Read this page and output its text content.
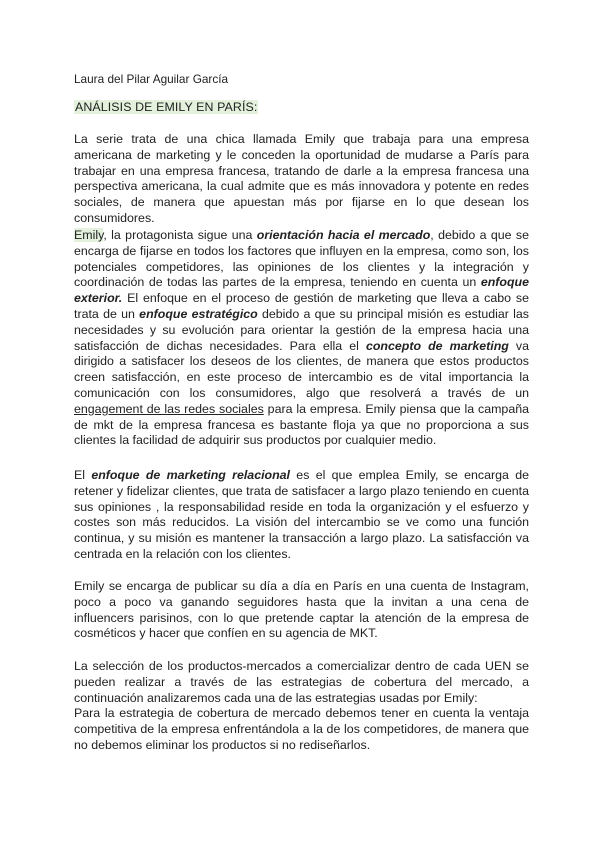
Laura del Pilar Aguilar García
ANÁLISIS DE EMILY EN PARÍS:

La serie trata de una chica llamada Emily que trabaja para una empresa americana de marketing y le conceden la oportunidad de mudarse a París para trabajar en una empresa francesa, tratando de darle a la empresa francesa una perspectiva americana, la cual admite que es más innovadora y potente en redes sociales, de manera que apuestan más por fijarse en lo que desean los consumidores.

Emily, la protagonista sigue una orientación hacia el mercado, debido a que se encarga de fijarse en todos los factores que influyen en la empresa, como son, los potenciales competidores, las opiniones de los clientes y la integración y coordinación de todas las partes de la empresa, teniendo en cuenta un enfoque exterior. El enfoque en el proceso de gestión de marketing que lleva a cabo se trata de un enfoque estratégico debido a que su principal misión es estudiar las necesidades y su evolución para orientar la gestión de la empresa hacia una satisfacción de dichas necesidades. Para ella el concepto de marketing va dirigido a satisfacer los deseos de los clientes, de manera que estos productos creen satisfacción, en este proceso de intercambio es de vital importancia la comunicación con los consumidores, algo que resolverá a través de un engagement de las redes sociales para la empresa. Emily piensa que la campaña de mkt de la empresa francesa es bastante floja ya que no proporciona a sus clientes la facilidad de adquirir sus productos por cualquier medio.

El enfoque de marketing relacional es el que emplea Emily, se encarga de retener y fidelizar clientes, que trata de satisfacer a largo plazo teniendo en cuenta sus opiniones , la responsabilidad reside en toda la organización y el esfuerzo y costes son más reducidos. La visión del intercambio se ve como una función continua, y su misión es mantener la transacción a largo plazo. La satisfacción va centrada en la relación con los clientes.

Emily se encarga de publicar su día a día en París en una cuenta de Instagram, poco a poco va ganando seguidores hasta que la invitan a una cena de influencers parisinos, con lo que pretende captar la atención de la empresa de cosméticos y hacer que confíen en su agencia de MKT.

La selección de los productos-mercados a comercializar dentro de cada UEN se pueden realizar a través de las estrategias de cobertura del mercado, a continuación analizaremos cada una de las estrategias usadas por Emily:
Para la estrategia de cobertura de mercado debemos tener en cuenta la ventaja competitiva de la empresa enfrentándola a la de los competidores, de manera que no debemos eliminar los productos si no rediseñarlos.
